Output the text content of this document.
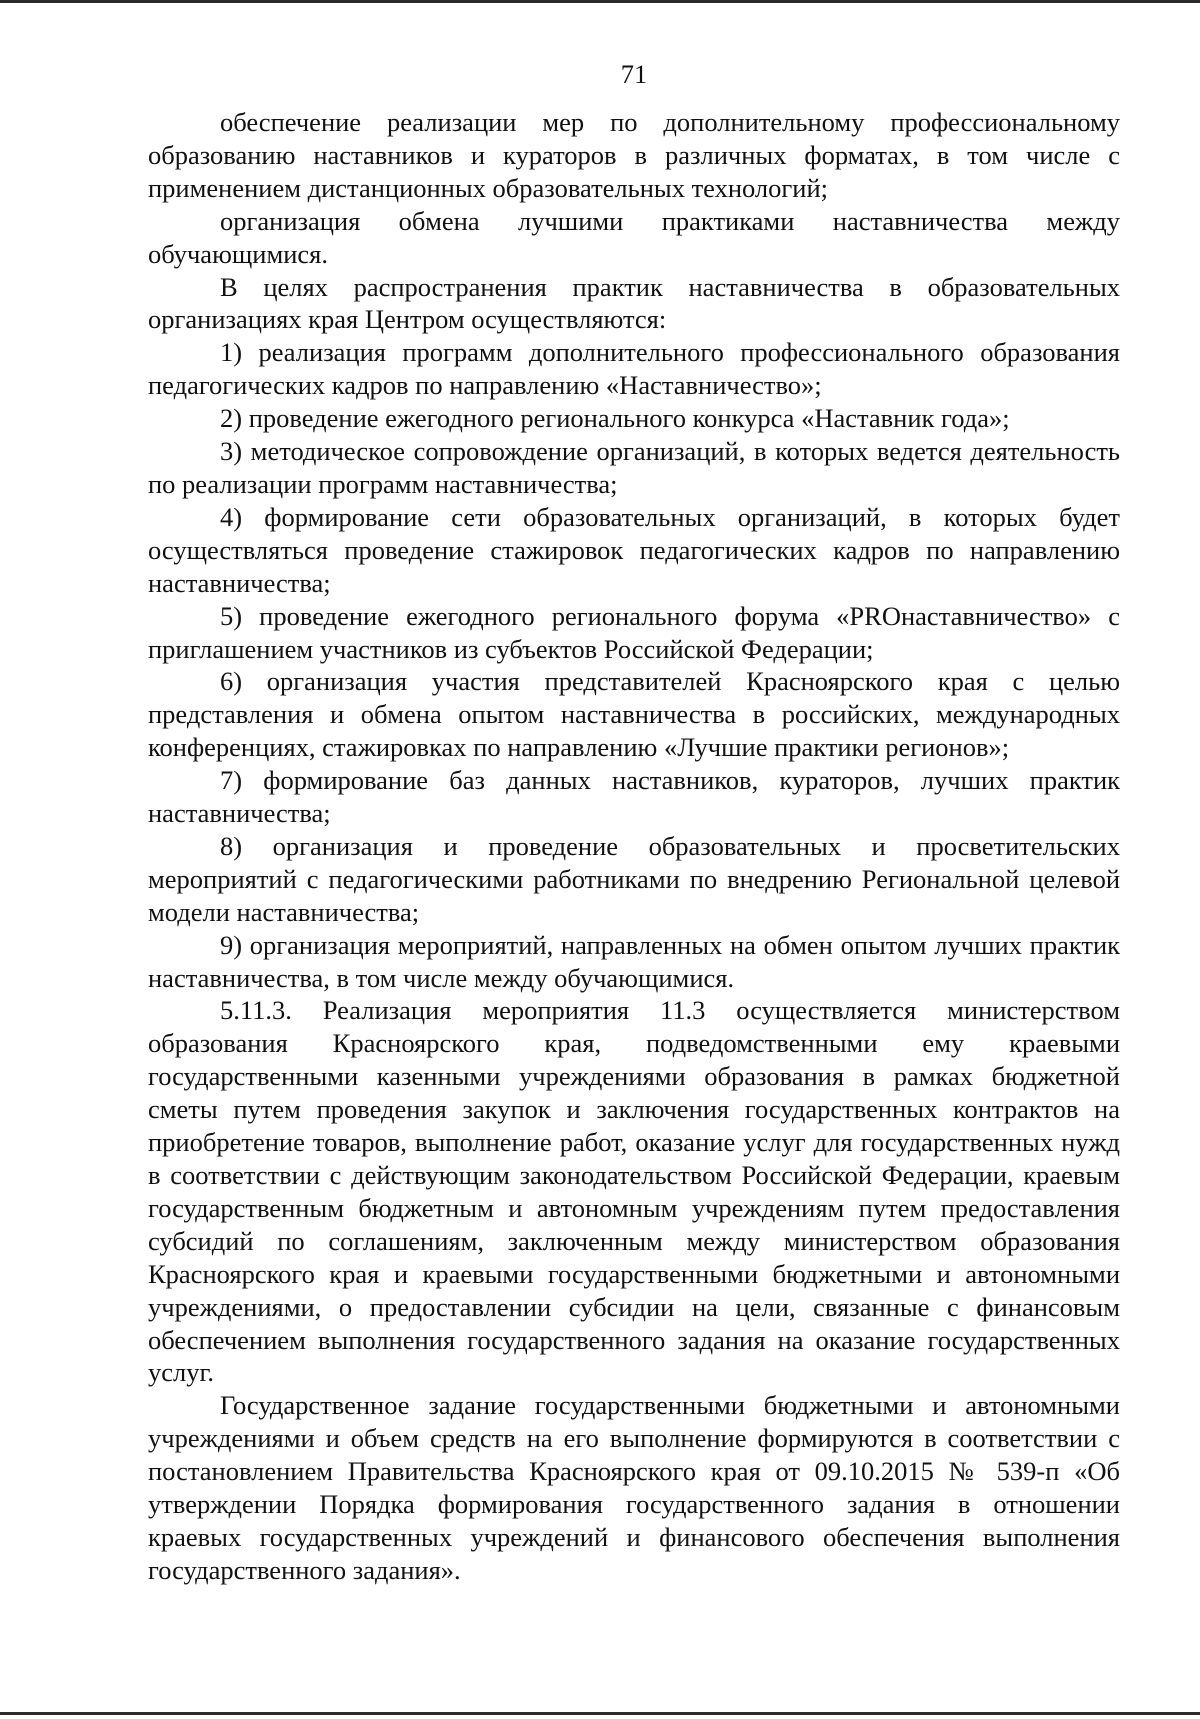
71

обеспечение реализации мер по дополнительному профессиональному образованию наставников и кураторов в различных форматах, в том числе с применением дистанционных образовательных технологий;

организация обмена лучшими практиками наставничества между обучающимися.

В целях распространения практик наставничества в образовательных организациях края Центром осуществляются:

1) реализация программ дополнительного профессионального образования педагогических кадров по направлению «Наставничество»;

2) проведение ежегодного регионального конкурса «Наставник года»;

3) методическое сопровождение организаций, в которых ведется деятельность по реализации программ наставничества;

4) формирование сети образовательных организаций, в которых будет осуществляться проведение стажировок педагогических кадров по направлению наставничества;

5) проведение ежегодного регионального форума «PROнаставничество» с приглашением участников из субъектов Российской Федерации;

6) организация участия представителей Красноярского края с целью представления и обмена опытом наставничества в российских, международных конференциях, стажировках по направлению «Лучшие практики регионов»;

7) формирование баз данных наставников, кураторов, лучших практик наставничества;

8) организация и проведение образовательных и просветительских мероприятий с педагогическими работниками по внедрению Региональной целевой модели наставничества;

9) организация мероприятий, направленных на обмен опытом лучших практик наставничества, в том числе между обучающимися.

5.11.3. Реализация мероприятия 11.3 осуществляется министерством образования Красноярского края, подведомственными ему краевыми государственными казенными учреждениями образования в рамках бюджетной сметы путем проведения закупок и заключения государственных контрактов на приобретение товаров, выполнение работ, оказание услуг для государственных нужд в соответствии с действующим законодательством Российской Федерации, краевым государственным бюджетным и автономным учреждениям путем предоставления субсидий по соглашениям, заключенным между министерством образования Красноярского края и краевыми государственными бюджетными и автономными учреждениями, о предоставлении субсидии на цели, связанные с финансовым обеспечением выполнения государственного задания на оказание государственных услуг.

Государственное задание государственными бюджетными и автономными учреждениями и объем средств на его выполнение формируются в соответствии с постановлением Правительства Красноярского края от 09.10.2015 № 539-п «Об утверждении Порядка формирования государственного задания в отношении краевых государственных учреждений и финансового обеспечения выполнения государственного задания».
